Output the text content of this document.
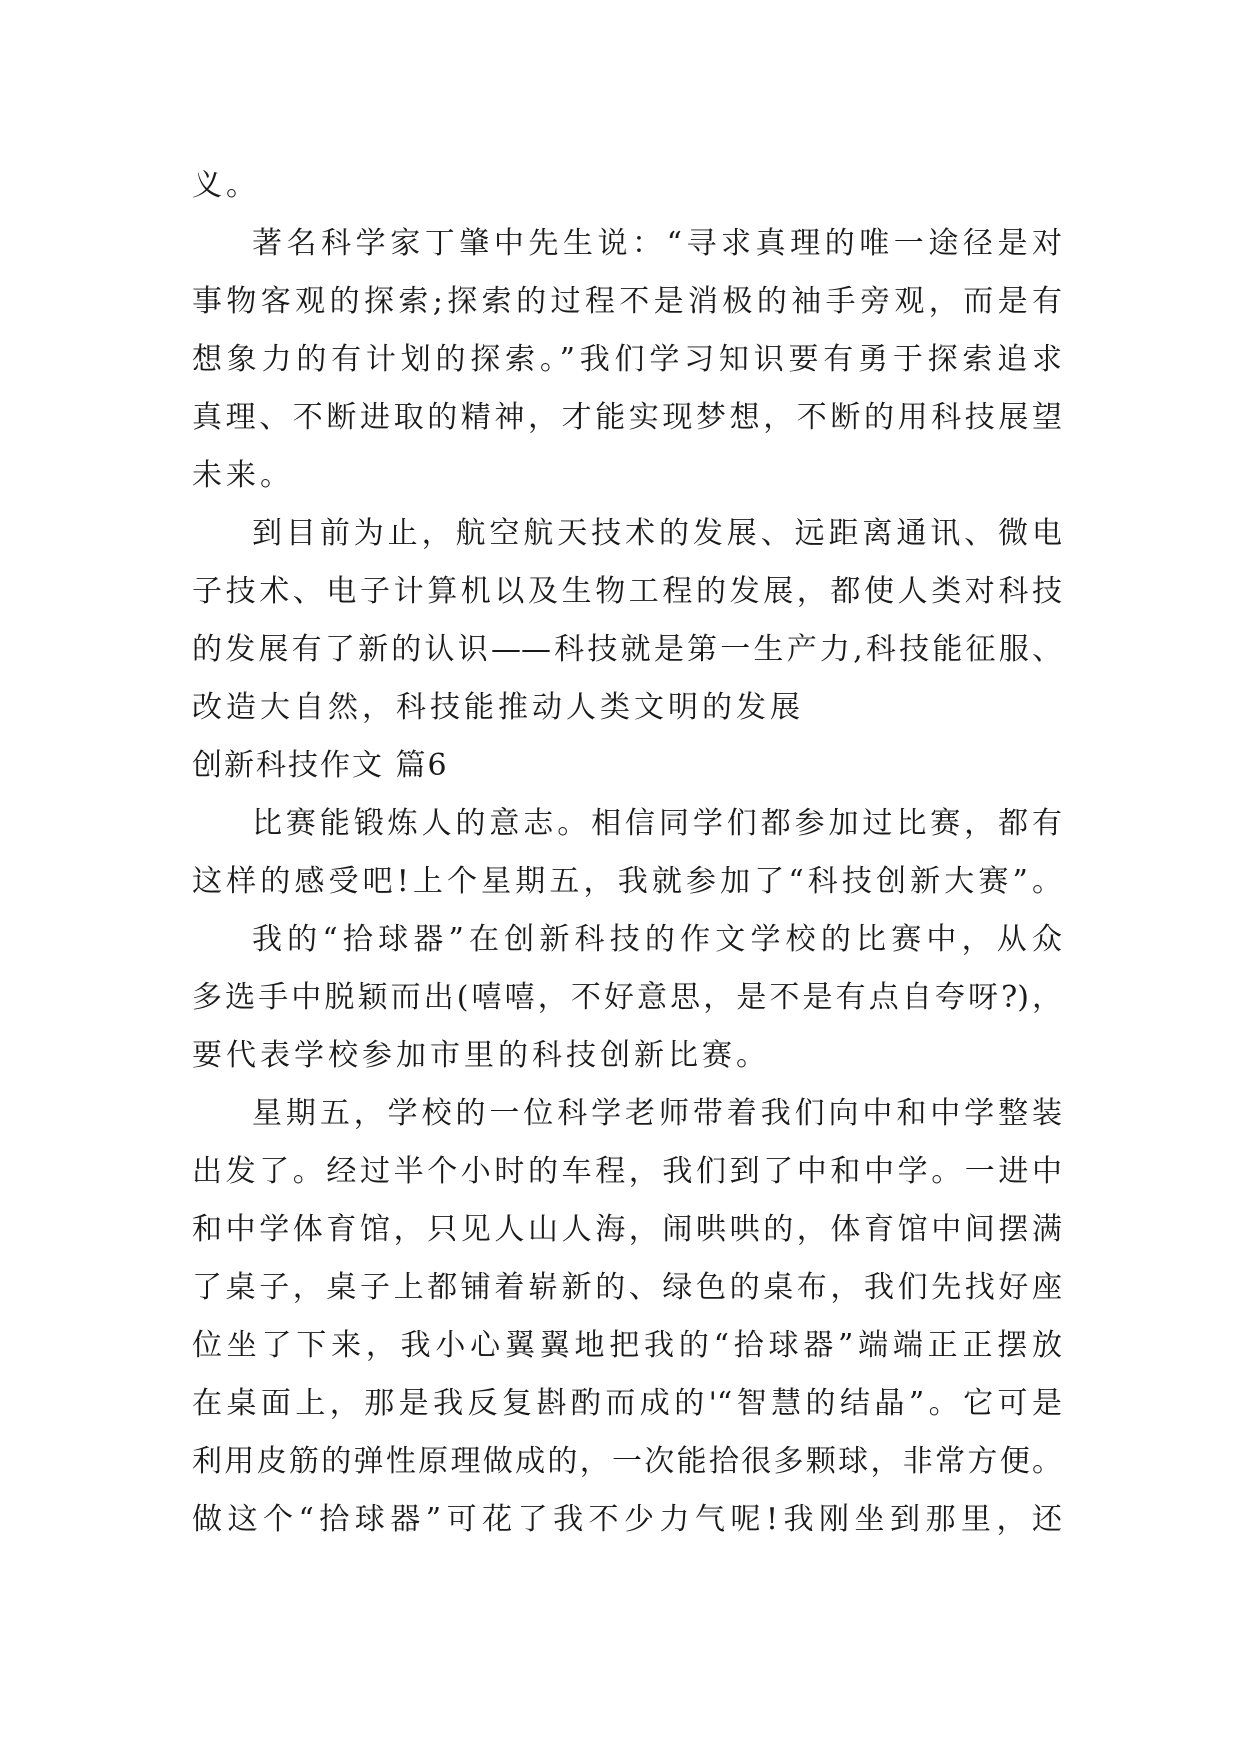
义。
著名科学家丁肇中先生说：“寻求真理的唯一途径是对
事物客观的探索;探索的过程不是消极的袖手旁观，而是有
想象力的有计划的探索。”我们学习知识要有勇于探索追求
真理、不断进取的精神，才能实现梦想，不断的用科技展望
未来。
到目前为止，航空航天技术的发展、远距离通讯、微电
子技术、电子计算机以及生物工程的发展，都使人类对科技
的发展有了新的认识——科技就是第一生产力,科技能征服、
改造大自然，科技能推动人类文明的发展
创新科技作文 篇6
比赛能锻炼人的意志。相信同学们都参加过比赛，都有
这样的感受吧!上个星期五，我就参加了“科技创新大赛”。
我的“拾球器”在创新科技的作文学校的比赛中，从众
多选手中脱颖而出(嘻嘻，不好意思，是不是有点自夸呀?)，
要代表学校参加市里的科技创新比赛。
星期五，学校的一位科学老师带着我们向中和中学整装
出发了。经过半个小时的车程，我们到了中和中学。一进中
和中学体育馆，只见人山人海，闹哄哄的，体育馆中间摆满
了桌子，桌子上都铺着崭新的、绿色的桌布，我们先找好座
位坐了下来，我小心翼翼地把我的“拾球器”端端正正摆放
在桌面上，那是我反复斟酌而成的'“智慧的结晶”。它可是
利用皮筋的弹性原理做成的，一次能拾很多颗球，非常方便。
做这个“拾球器”可花了我不少力气呢!我刚坐到那里，还
